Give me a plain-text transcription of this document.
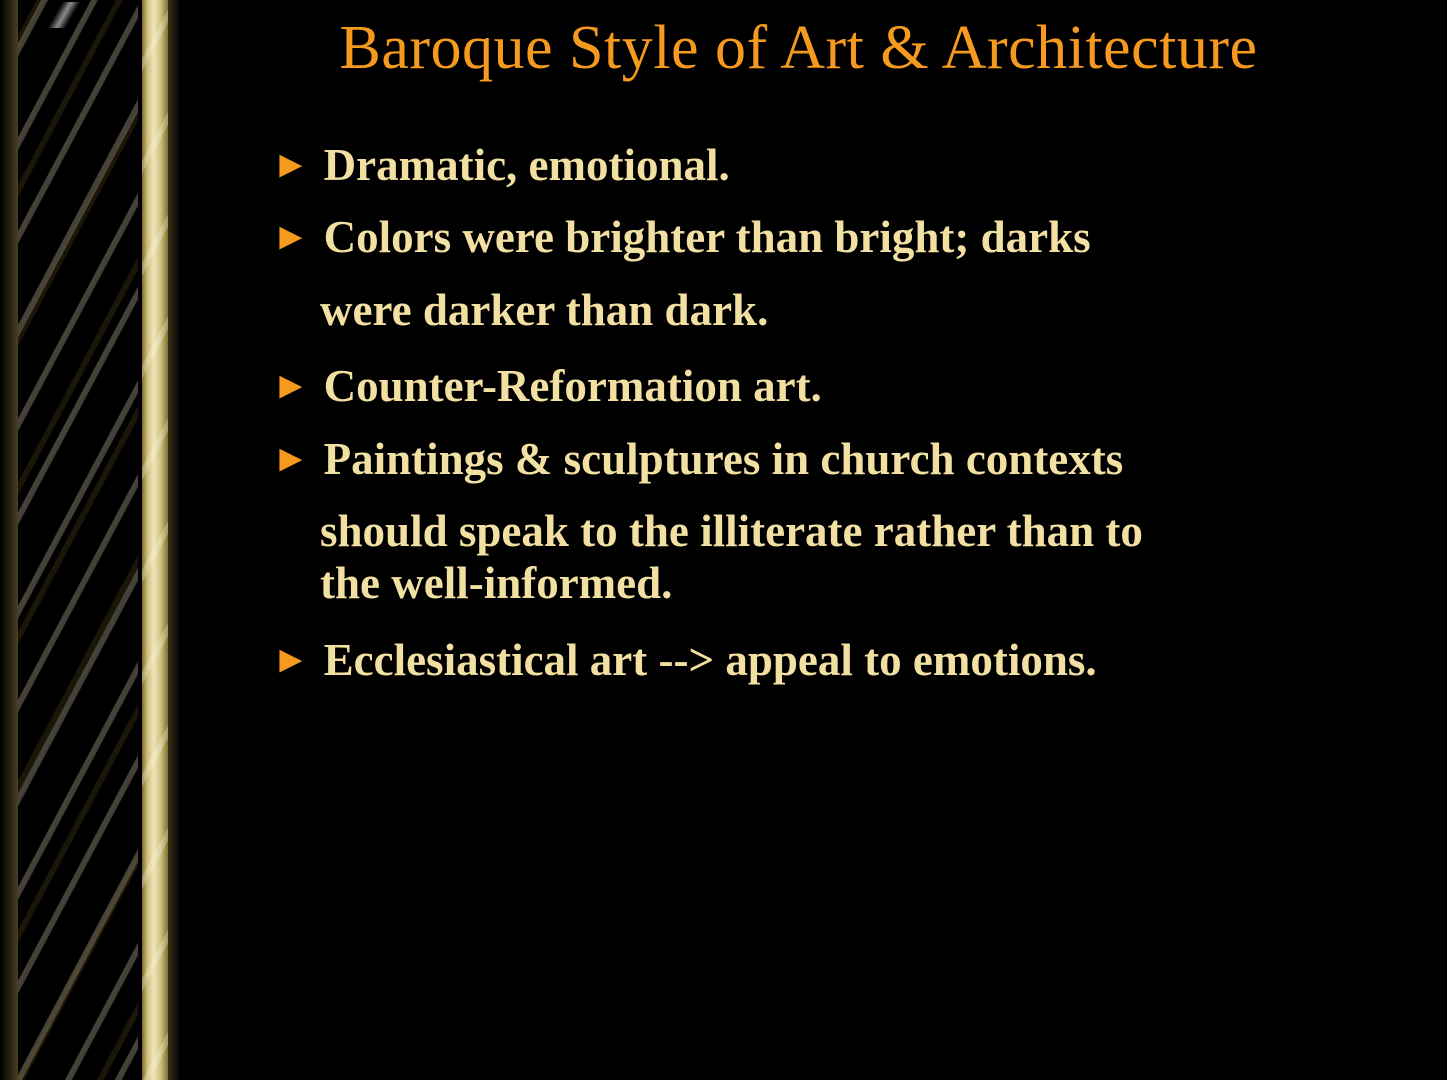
Baroque Style of Art & Architecture
► Dramatic, emotional.
► Colors were brighter than bright; darks
were darker than dark.
► Counter-Reformation art.
► Paintings & sculptures in church contexts
should speak to the illiterate rather than to
the well-informed.
► Ecclesiastical art --> appeal to emotions.
